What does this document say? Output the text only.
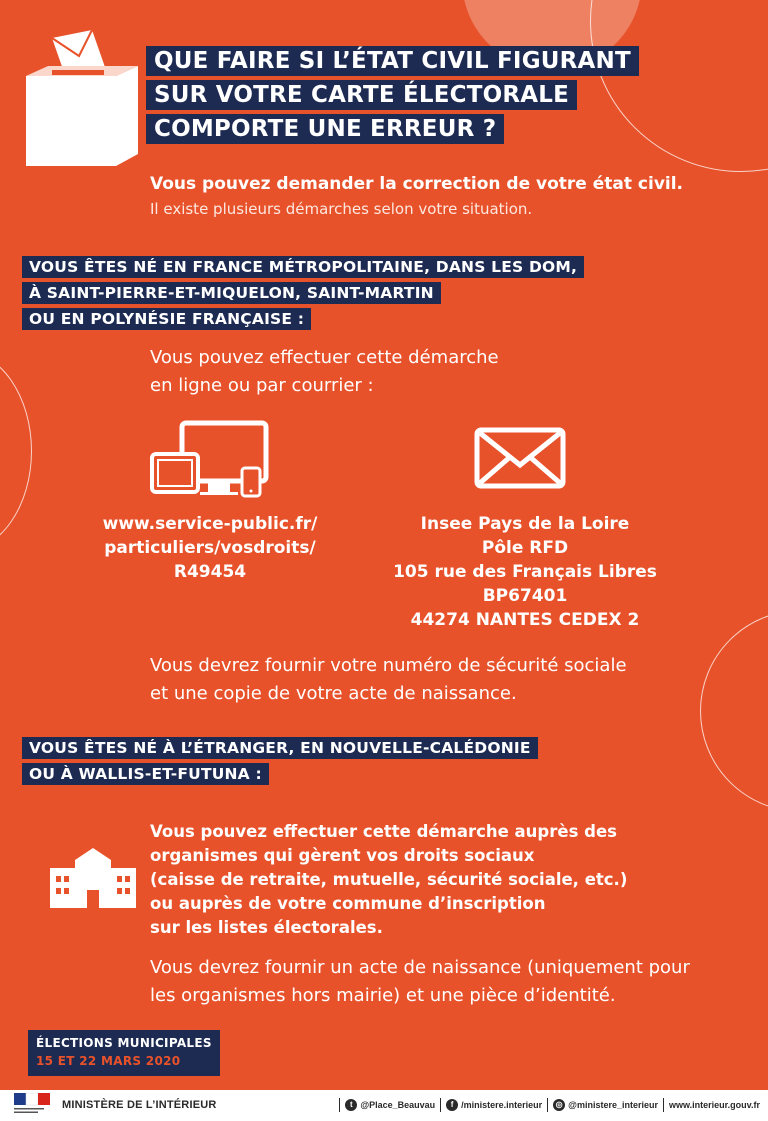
QUE FAIRE SI L’ÉTAT CIVIL FIGURANT
SUR VOTRE CARTE ÉLECTORALE
COMPORTE UNE ERREUR ?

Vous pouvez demander la correction de votre état civil.

Il existe plusieurs démarches selon votre situation.

VOUS ÊTES NÉ EN FRANCE MÉTROPOLITAINE, DANS LES DOM,
À SAINT-PIERRE-ET-MIQUELON, SAINT-MARTIN
OU EN POLYNÉSIE FRANÇAISE :
Vous pouvez effectuer cette démarche
en ligne ou par courrier :
www.service-public.fr/
particuliers/vosdroits/
R49454
Insee Pays de la Loire
Pôle RFD
105 rue des Français Libres
BP67401
44274 NANTES CEDEX 2
Vous devrez fournir votre numéro de sécurité sociale
et une copie de votre acte de naissance.
VOUS ÊTES NÉ À L’ÉTRANGER, EN NOUVELLE-CALÉDONIE
OU À WALLIS-ET-FUTUNA :
Vous pouvez effectuer cette démarche auprès des
organismes qui gèrent vos droits sociaux
(caisse de retraite, mutuelle, sécurité sociale, etc.)
ou auprès de votre commune d’inscription
sur les listes électorales.
Vous devrez fournir un acte de naissance (uniquement pour
les organismes hors mairie) et une pièce d’identité.
ÉLECTIONS MUNICIPALES
15 ET 22 MARS 2020
MINISTÈRE DE L’INTÉRIEUR	t @Place_Beauvau	f /ministere.interieur	◎ @ministere_interieur www.interieur.gouv.fr
